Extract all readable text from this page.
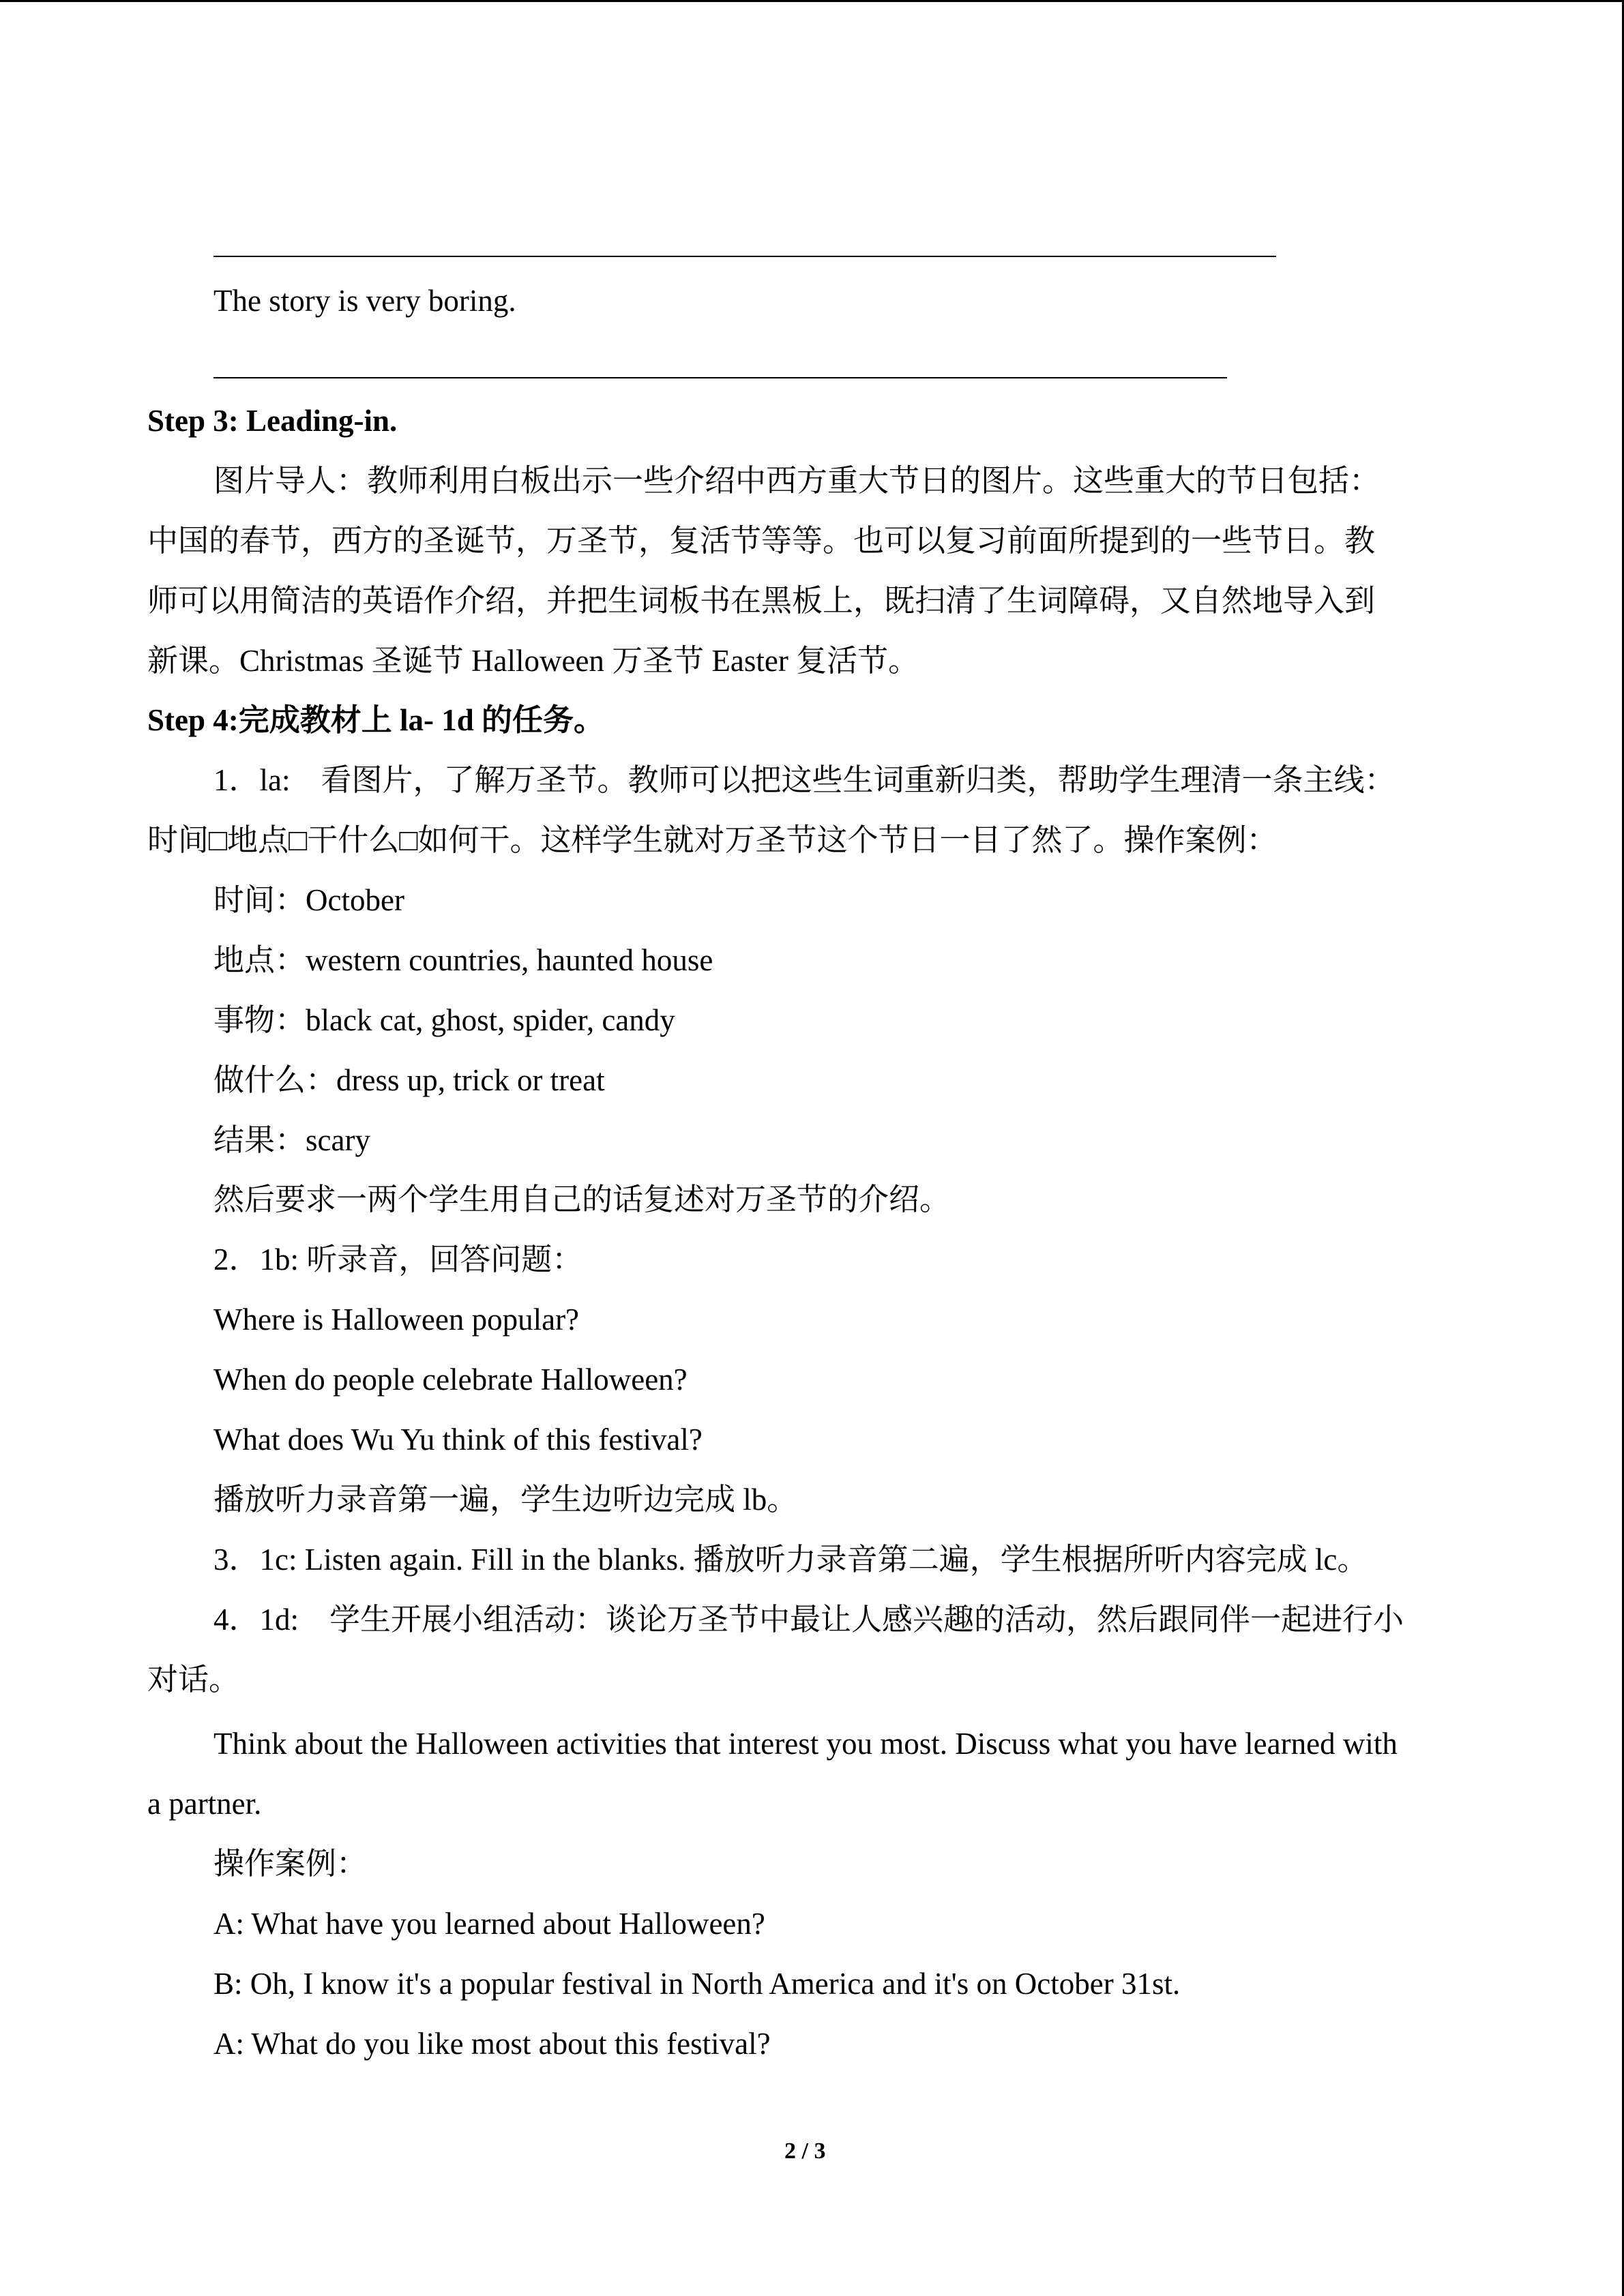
The story is very boring.
Step 3: Leading-in.
图片导人：教师利用白板出示一些介绍中西方重大节日的图片。这些重大的节日包括：
中国的春节，西方的圣诞节，万圣节，复活节等等。也可以复习前面所提到的一些节日。教
师可以用简洁的英语作介绍，并把生词板书在黑板上，既扫清了生词障碍，又自然地导入到
新课。Christmas 圣诞节 Halloween 万圣节 Easter 复活节。
Step 4:完成教材上 la- 1d 的任务。
1．la:　看图片，了解万圣节。教师可以把这些生词重新归类，帮助学生理清一条主线：
时间□地点□干什么□如何干。这样学生就对万圣节这个节日一目了然了。操作案例：
时间：October
地点：western countries, haunted house
事物：black cat, ghost, spider, candy
做什么：dress up, trick or treat
结果：scary
然后要求一两个学生用自己的话复述对万圣节的介绍。
2．1b: 听录音，回答问题：
Where is Halloween popular?
When do people celebrate Halloween?
What does Wu Yu think of this festival?
播放听力录音第一遍，学生边听边完成 lb。
3．1c: Listen again. Fill in the blanks. 播放听力录音第二遍，学生根据所听内容完成 lc。
4．1d:　学生开展小组活动：谈论万圣节中最让人感兴趣的活动，然后跟同伴一起进行小
对话。
Think about the Halloween activities that interest you most. Discuss what you have learned with
a partner.
操作案例：
A: What have you learned about Halloween?
B: Oh, I know it's a popular festival in North America and it's on October 31st.
A: What do you like most about this festival?
2 / 3
